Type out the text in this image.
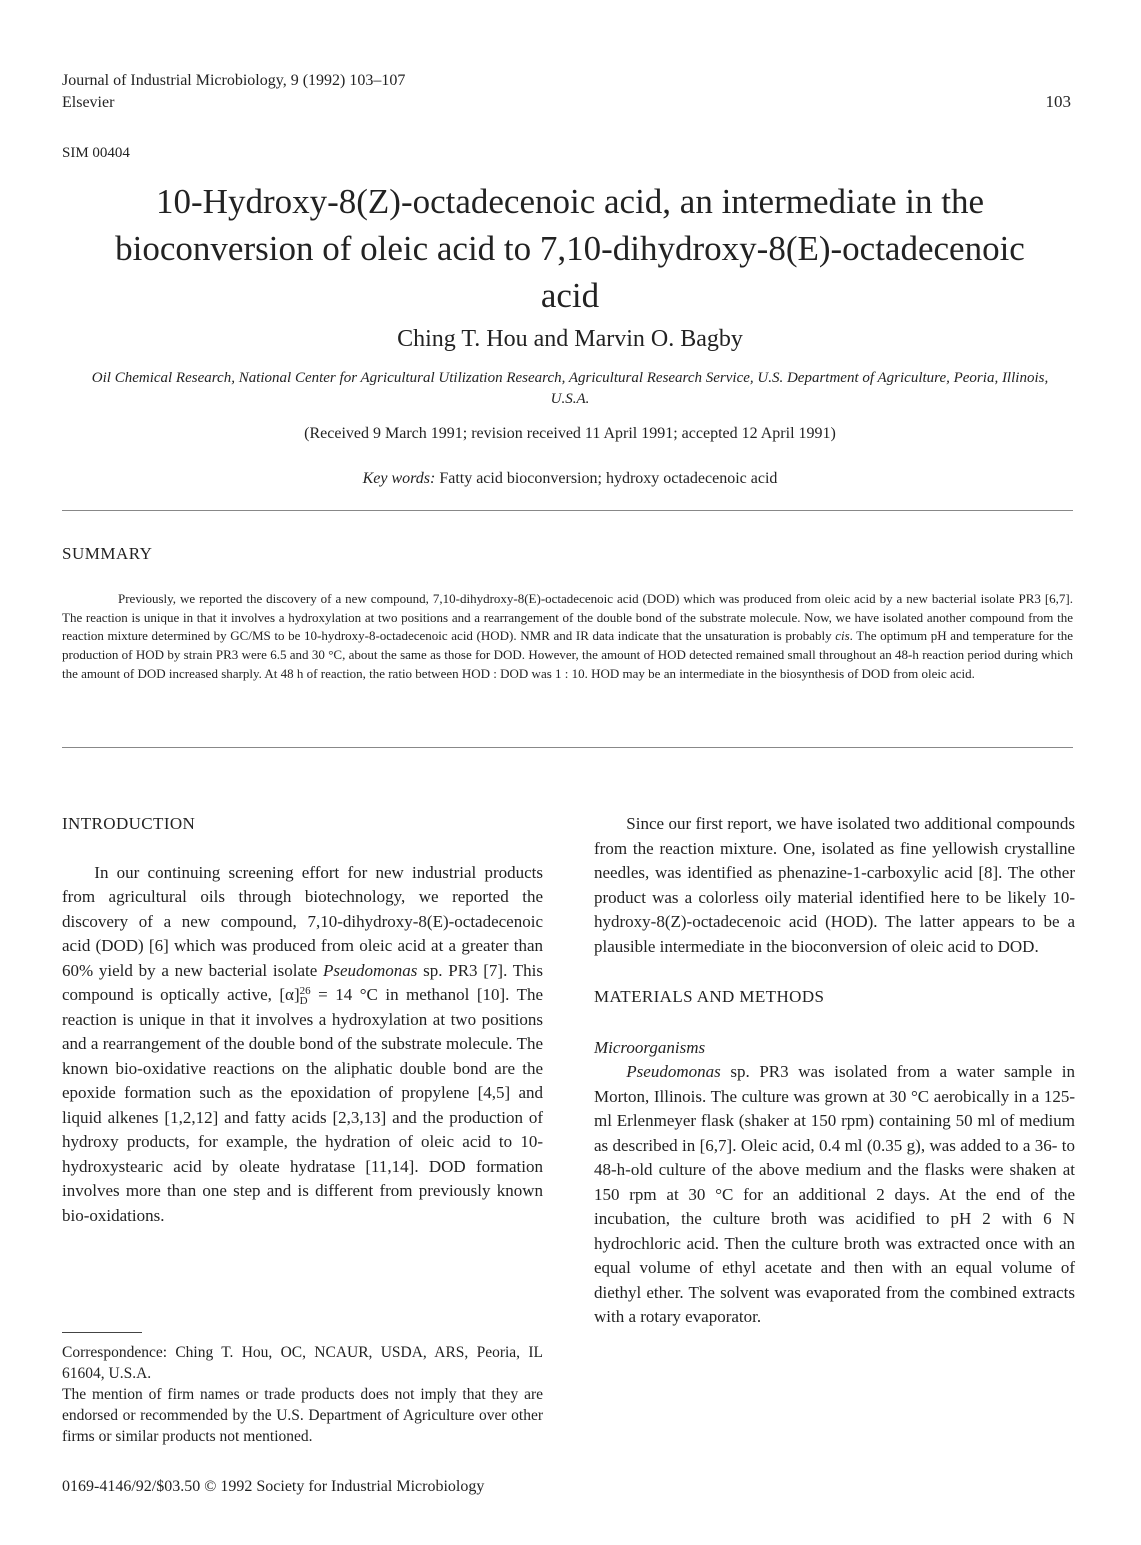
Journal of Industrial Microbiology, 9 (1992) 103–107
Elsevier	103
SIM 00404
10-Hydroxy-8(Z)-octadecenoic acid, an intermediate in the
bioconversion of oleic acid to 7,10-dihydroxy-8(E)-octadecenoic
acid
Ching T. Hou and Marvin O. Bagby
Oil Chemical Research, National Center for Agricultural Utilization Research, Agricultural Research Service, U.S. Department of Agriculture, Peoria, Illinois, U.S.A.
(Received 9 March 1991; revision received 11 April 1991; accepted 12 April 1991)
Key words: Fatty acid bioconversion; hydroxy octadecenoic acid
SUMMARY
Previously, we reported the discovery of a new compound, 7,10-dihydroxy-8(E)-octadecenoic acid (DOD) which was produced from oleic acid by a new bacterial isolate PR3 [6,7]. The reaction is unique in that it involves a hydroxylation at two positions and a rearrangement of the double bond of the substrate molecule. Now, we have isolated another compound from the reaction mixture determined by GC/MS to be 10-hydroxy-8-octadecenoic acid (HOD). NMR and IR data indicate that the unsaturation is probably cis. The optimum pH and temperature for the production of HOD by strain PR3 were 6.5 and 30 °C, about the same as those for DOD. However, the amount of HOD detected remained small throughout an 48-h reaction period during which the amount of DOD increased sharply. At 48 h of reaction, the ratio between HOD : DOD was 1 : 10. HOD may be an intermediate in the biosynthesis of DOD from oleic acid.

INTRODUCTION

In our continuing screening effort for new industrial products from agricultural oils through biotechnology, we reported the discovery of a new compound, 7,10-dihydroxy-8(E)-octadecenoic acid (DOD) [6] which was produced from oleic acid at a greater than 60% yield by a new bacterial isolate Pseudomonas sp. PR3 [7]. This compound is optically active, [α] 26
D = 14 °C in methanol [10]. The reaction is unique in that it involves a hydroxylation at two positions and a rearrangement of the double bond of the substrate molecule. The known bio-oxidative reactions on the aliphatic double bond are the epoxide formation such as the epoxidation of propylene [4,5] and liquid alkenes [1,2,12] and fatty acids [2,3,13] and the production of hydroxy products, for example, the hydration of oleic acid to 10-hydroxystearic acid by oleate hydratase [11,14]. DOD formation involves more than one step and is different from previously known bio-oxidations.

Correspondence: Ching T. Hou, OC, NCAUR, USDA, ARS, Peoria, IL 61604, U.S.A.

The mention of firm names or trade products does not imply that they are endorsed or recommended by the U.S. Department of Agriculture over other firms or similar products not mentioned.

0169-4146/92/$03.50 © 1992 Society for Industrial Microbiology

Since our first report, we have isolated two additional compounds from the reaction mixture. One, isolated as fine yellowish crystalline needles, was identified as phenazine-1-carboxylic acid [8]. The other product was a colorless oily material identified here to be likely 10-hydroxy-8(Z)-octadecenoic acid (HOD). The latter appears to be a plausible intermediate in the bioconversion of oleic acid to DOD.

MATERIALS AND METHODS

Microorganisms

Pseudomonas sp. PR3 was isolated from a water sample in Morton, Illinois. The culture was grown at 30 °C aerobically in a 125-ml Erlenmeyer flask (shaker at 150 rpm) containing 50 ml of medium as described in [6,7]. Oleic acid, 0.4 ml (0.35 g), was added to a 36- to 48-h-old culture of the above medium and the flasks were shaken at 150 rpm at 30 °C for an additional 2 days. At the end of the incubation, the culture broth was acidified to pH 2 with 6 N hydrochloric acid. Then the culture broth was extracted once with an equal volume of ethyl acetate and then with an equal volume of diethyl ether. The solvent was evaporated from the combined extracts with a rotary evaporator.
